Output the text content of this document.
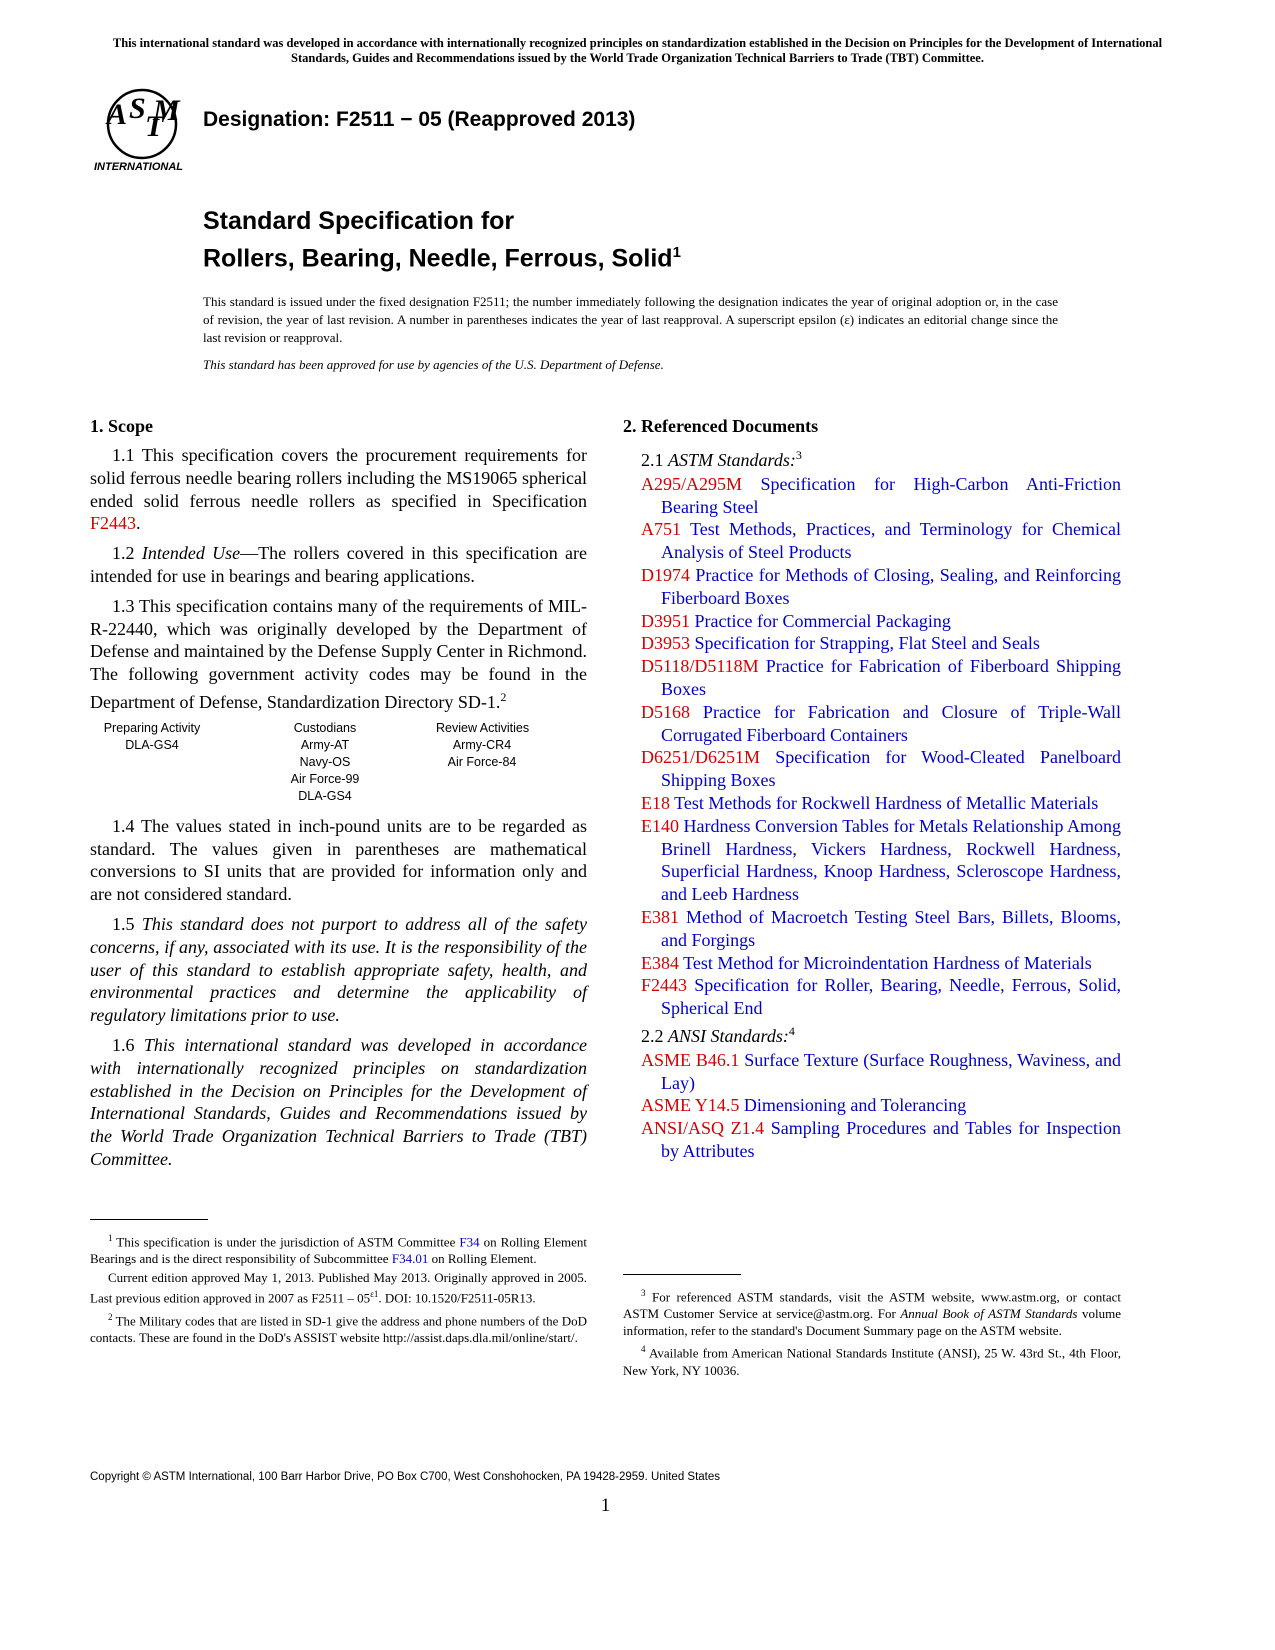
This international standard was developed in accordance with internationally recognized principles on standardization established in the Decision on Principles for the Development of International Standards, Guides and Recommendations issued by the World Trade Organization Technical Barriers to Trade (TBT) Committee.
A S
T
M
INTERNATIONAL
Designation: F2511 − 05 (Reapproved 2013)
Standard Specification for
Rollers, Bearing, Needle, Ferrous, Solid$^1$
This standard is issued under the fixed designation F2511; the number immediately following the designation indicates the year of original adoption or, in the case of revision, the year of last revision. A number in parentheses indicates the year of last reapproval. A superscript epsilon (ε) indicates an editorial change since the last revision or reapproval.
This standard has been approved for use by agencies of the U.S. Department of Defense.
1. Scope

1.1 This specification covers the procurement requirements for solid ferrous needle bearing rollers including the MS19065 spherical ended solid ferrous needle rollers as specified in Specification F2443.

1.2 Intended Use—The rollers covered in this specification are intended for use in bearings and bearing applications.

1.3 This specification contains many of the requirements of MIL-R-22440, which was originally developed by the Department of Defense and maintained by the Defense Supply Center in Richmond. The following government activity codes may be found in the Department of Defense, Standardization Directory SD-1.$^2$

Preparing Activity
DLA-GS4
Custodians
Army-AT
Navy-OS
Air Force-99
DLA-GS4
Review Activities
Army-CR4
Air Force-84

1.4 The values stated in inch-pound units are to be regarded as standard. The values given in parentheses are mathematical conversions to SI units that are provided for information only and are not considered standard.

1.5 This standard does not purport to address all of the safety concerns, if any, associated with its use. It is the responsibility of the user of this standard to establish appropriate safety, health, and environmental practices and determine the applicability of regulatory limitations prior to use.

1.6 This international standard was developed in accordance with internationally recognized principles on standardization established in the Decision on Principles for the Development of International Standards, Guides and Recommendations issued by the World Trade Organization Technical Barriers to Trade (TBT) Committee.

2. Referenced Documents
2.1 ASTM Standards:$^3$
A295/A295M Specification for High-Carbon Anti-Friction Bearing Steel
A751 Test Methods, Practices, and Terminology for Chemical Analysis of Steel Products
D1974 Practice for Methods of Closing, Sealing, and Reinforcing Fiberboard Boxes
D3951 Practice for Commercial Packaging
D3953 Specification for Strapping, Flat Steel and Seals
D5118/D5118M Practice for Fabrication of Fiberboard Shipping Boxes
D5168 Practice for Fabrication and Closure of Triple-Wall Corrugated Fiberboard Containers
D6251/D6251M Specification for Wood-Cleated Panelboard Shipping Boxes
E18 Test Methods for Rockwell Hardness of Metallic Materials
E140 Hardness Conversion Tables for Metals Relationship Among Brinell Hardness, Vickers Hardness, Rockwell Hardness, Superficial Hardness, Knoop Hardness, Scleroscope Hardness, and Leeb Hardness
E381 Method of Macroetch Testing Steel Bars, Billets, Blooms, and Forgings
E384 Test Method for Microindentation Hardness of Materials
F2443 Specification for Roller, Bearing, Needle, Ferrous, Solid, Spherical End
2.2 ANSI Standards:$^4$
ASME B46.1 Surface Texture (Surface Roughness, Waviness, and Lay)
ASME Y14.5 Dimensioning and Tolerancing
ANSI/ASQ Z1.4 Sampling Procedures and Tables for Inspection by Attributes

$^1$ This specification is under the jurisdiction of ASTM Committee F34 on Rolling Element Bearings and is the direct responsibility of Subcommittee F34.01 on Rolling Element.

Current edition approved May 1, 2013. Published May 2013. Originally approved in 2005. Last previous edition approved in 2007 as $F2511 - 05^{\varepsilon 1}$. DOI: 10.1520/F2511-05R13.

$^2$ The Military codes that are listed in SD-1 give the address and phone numbers of the DoD contacts. These are found in the DoD's ASSIST website http://assist.daps.dla.mil/online/start/.

$^3$ For referenced ASTM standards, visit the ASTM website, www.astm.org, or contact ASTM Customer Service at service@astm.org. For Annual Book of ASTM Standards volume information, refer to the standard's Document Summary page on the ASTM website.

$^4$ Available from American National Standards Institute (ANSI), 25 W. 43rd St., 4th Floor, New York, NY 10036.

Copyright © ASTM International, 100 Barr Harbor Drive, PO Box C700, West Conshohocken, PA 19428-2959. United States
1
